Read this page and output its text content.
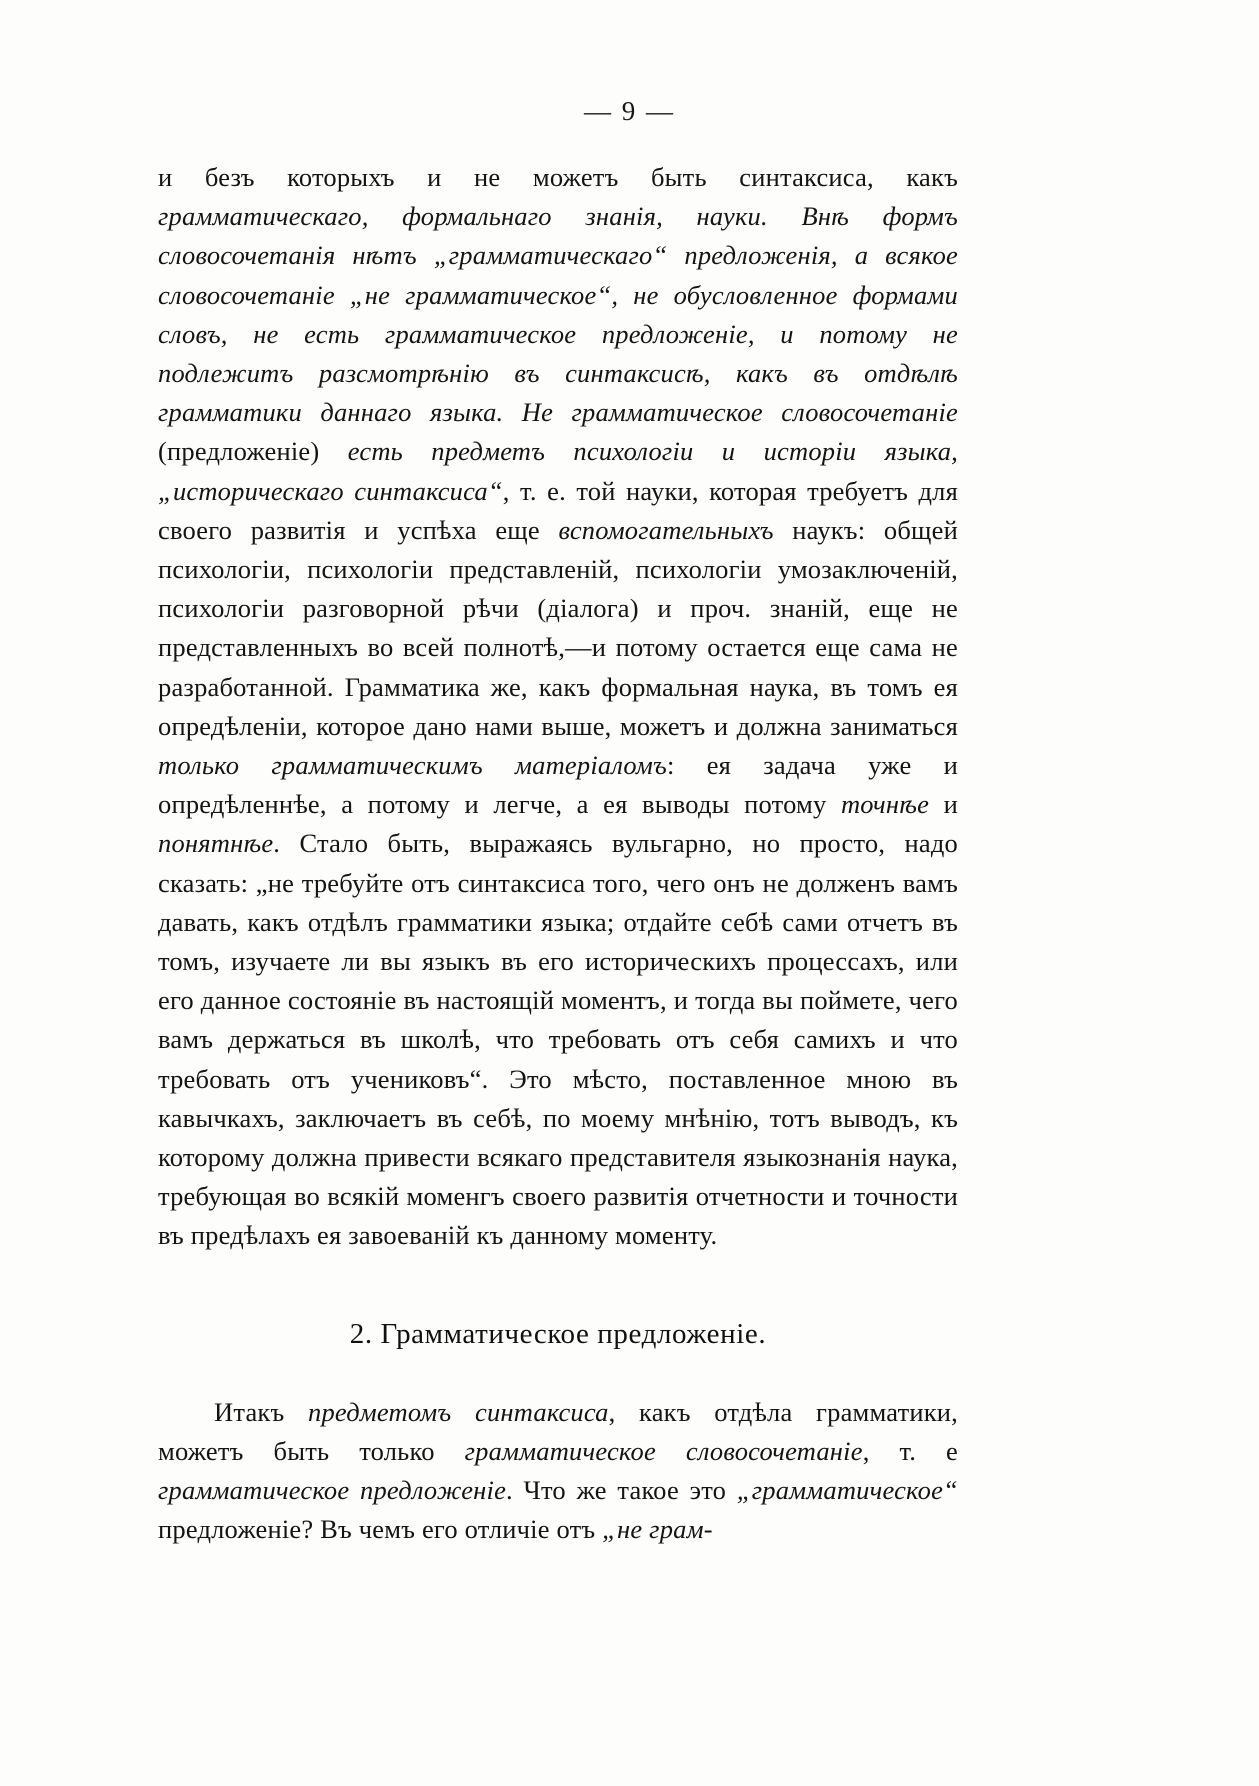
— 9 —

и безъ которыхъ и не можетъ быть синтаксиса, какъ грамматическаго, формальнаго знанiя, науки. Внѣ формъ словосочетанiя нѣтъ „грамматическаго“ предложенiя, а всякоe словосочетанiе „не грамматическое“, не обусловленное формами словъ, не есть грамматическое предложенiе, и потому не подлежитъ разсмотрѣнiю въ синтаксисѣ, какъ въ отдѣлѣ грамматики даннаго языка. Не грамматическое словосочетанiе (предложенiе) есть предметъ психологiи и исторiи языка, „историческаго синтаксиса“, т. е. той науки, которая требуетъ для своего развитiя и успѣха еще вспомогательныхъ наукъ: общей психологiи, психологiи представленiй, психологiи умозаключенiй, психологiи разговорной рѣчи (дiалога) и проч. знанiй, еще не представленныхъ во всей полнотѣ,—и потому остается еще сама не разработанной. Грамматика же, какъ формальная наука, въ томъ ея опредѣленiи, которое дано нами выше, можетъ и должна заниматься только грамматическимъ матерiаломъ: ея задача уже и опредѣленнѣе, а потому и легче, а ея выводы потому точнѣе и понятнѣе. Стало быть, выражаясь вульгарно, но просто, надо сказать: „не требуйте отъ синтаксиса того, чего онъ не долженъ вамъ давать, какъ отдѣлъ грамматики языка; отдайте себѣ сами отчетъ въ томъ, изучаете ли вы языкъ въ его историческихъ процессахъ, или его данное состоянiе въ настоящiй моментъ, и тогда вы поймете, чего вамъ держаться въ школѣ, что требовать отъ себя самихъ и что требовать отъ учениковъ“. Это мѣсто, поставленное мною въ кавычкахъ, заключаетъ въ себѣ, по моему мнѣнiю, тотъ выводъ, къ которому должна привести всякаго представителя языкознанiя наука, требующая во всякiй моменгъ своего развитiя отчетности и точности въ предѣлахъ ея завоеванiй къ данному моменту.

2. Грамматическое предложенiе.

Итакъ предметомъ синтаксиса, какъ отдѣла грамматики, можетъ быть только грамматическое словосочетанiе, т. е грамматическое предложенiе. Что же такое это „грамматическое“ предложенiе? Въ чемъ его отличiе отъ „не грам-
